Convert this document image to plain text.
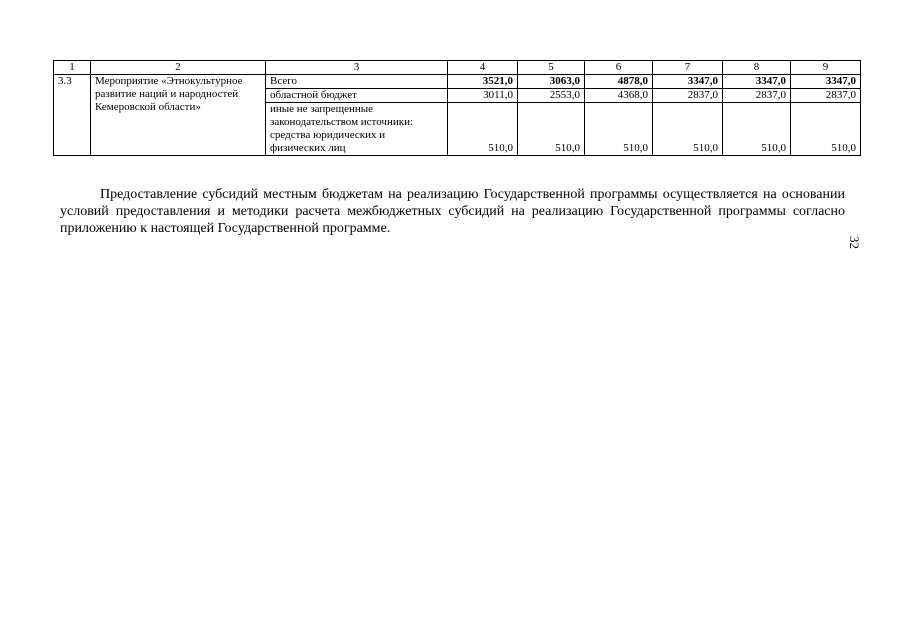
1	2	3	4	5	6	7	8	9
3.3	Мероприятие «Этнокультурное развитие наций и народностей Кемеровской области»	Всего	3521,0	3063,0	4878,0	3347,0	3347,0	3347,0
		областной бюджет	3011,0	2553,0	4368,0	2837,0	2837,0	2837,0
		иные не запрещенные законодательством источники: средства юридических и физических лиц	510,0	510,0	510,0	510,0	510,0	510,0

Предоставление субсидий местным бюджетам на реализацию Государственной программы осуществляется на основании условий предоставления и методики расчета межбюджетных субсидий на реализацию Государственной программы согласно приложению к настоящей Государственной программе.

32
